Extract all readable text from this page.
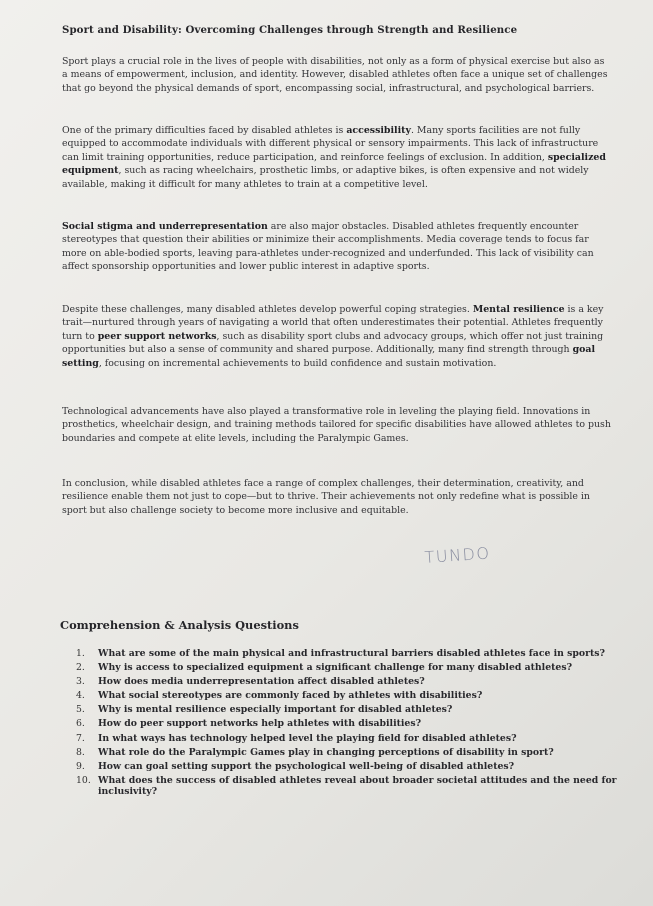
Sport and Disability: Overcoming Challenges through Strength and Resilience

Sport plays a crucial role in the lives of people with disabilities, not only as a form of physical exercise but also as a means of empowerment, inclusion, and identity. However, disabled athletes often face a unique set of challenges that go beyond the physical demands of sport, encompassing social, infrastructural, and psychological barriers.

One of the primary difficulties faced by disabled athletes is accessibility. Many sports facilities are not fully equipped to accommodate individuals with different physical or sensory impairments. This lack of infrastructure can limit training opportunities, reduce participation, and reinforce feelings of exclusion. In addition, specialized equipment, such as racing wheelchairs, prosthetic limbs, or adaptive bikes, is often expensive and not widely available, making it difficult for many athletes to train at a competitive level.

Social stigma and underrepresentation are also major obstacles. Disabled athletes frequently encounter stereotypes that question their abilities or minimize their accomplishments. Media coverage tends to focus far more on able-bodied sports, leaving para-athletes under-recognized and underfunded. This lack of visibility can affect sponsorship opportunities and lower public interest in adaptive sports.

Despite these challenges, many disabled athletes develop powerful coping strategies. Mental resilience is a key trait—nurtured through years of navigating a world that often underestimates their potential. Athletes frequently turn to peer support networks, such as disability sport clubs and advocacy groups, which offer not just training opportunities but also a sense of community and shared purpose. Additionally, many find strength through goal setting, focusing on incremental achievements to build confidence and sustain motivation.

Technological advancements have also played a transformative role in leveling the playing field. Innovations in prosthetics, wheelchair design, and training methods tailored for specific disabilities have allowed athletes to push boundaries and compete at elite levels, including the Paralympic Games.

In conclusion, while disabled athletes face a range of complex challenges, their determination, creativity, and resilience enable them not just to cope—but to thrive. Their achievements not only redefine what is possible in sport but also challenge society to become more inclusive and equitable.

TUNDO
Comprehension & Analysis Questions
1.	What are some of the main physical and infrastructural barriers disabled athletes face in sports?
2.	Why is access to specialized equipment a significant challenge for many disabled athletes?
3.	How does media underrepresentation affect disabled athletes?
4.	What social stereotypes are commonly faced by athletes with disabilities?
5.	Why is mental resilience especially important for disabled athletes?
6.	How do peer support networks help athletes with disabilities?
7.	In what ways has technology helped level the playing field for disabled athletes?
8.	What role do the Paralympic Games play in changing perceptions of disability in sport?
9.	How can goal setting support the psychological well-being of disabled athletes?
10. What does the success of disabled athletes reveal about broader societal attitudes and the need for inclusivity?
